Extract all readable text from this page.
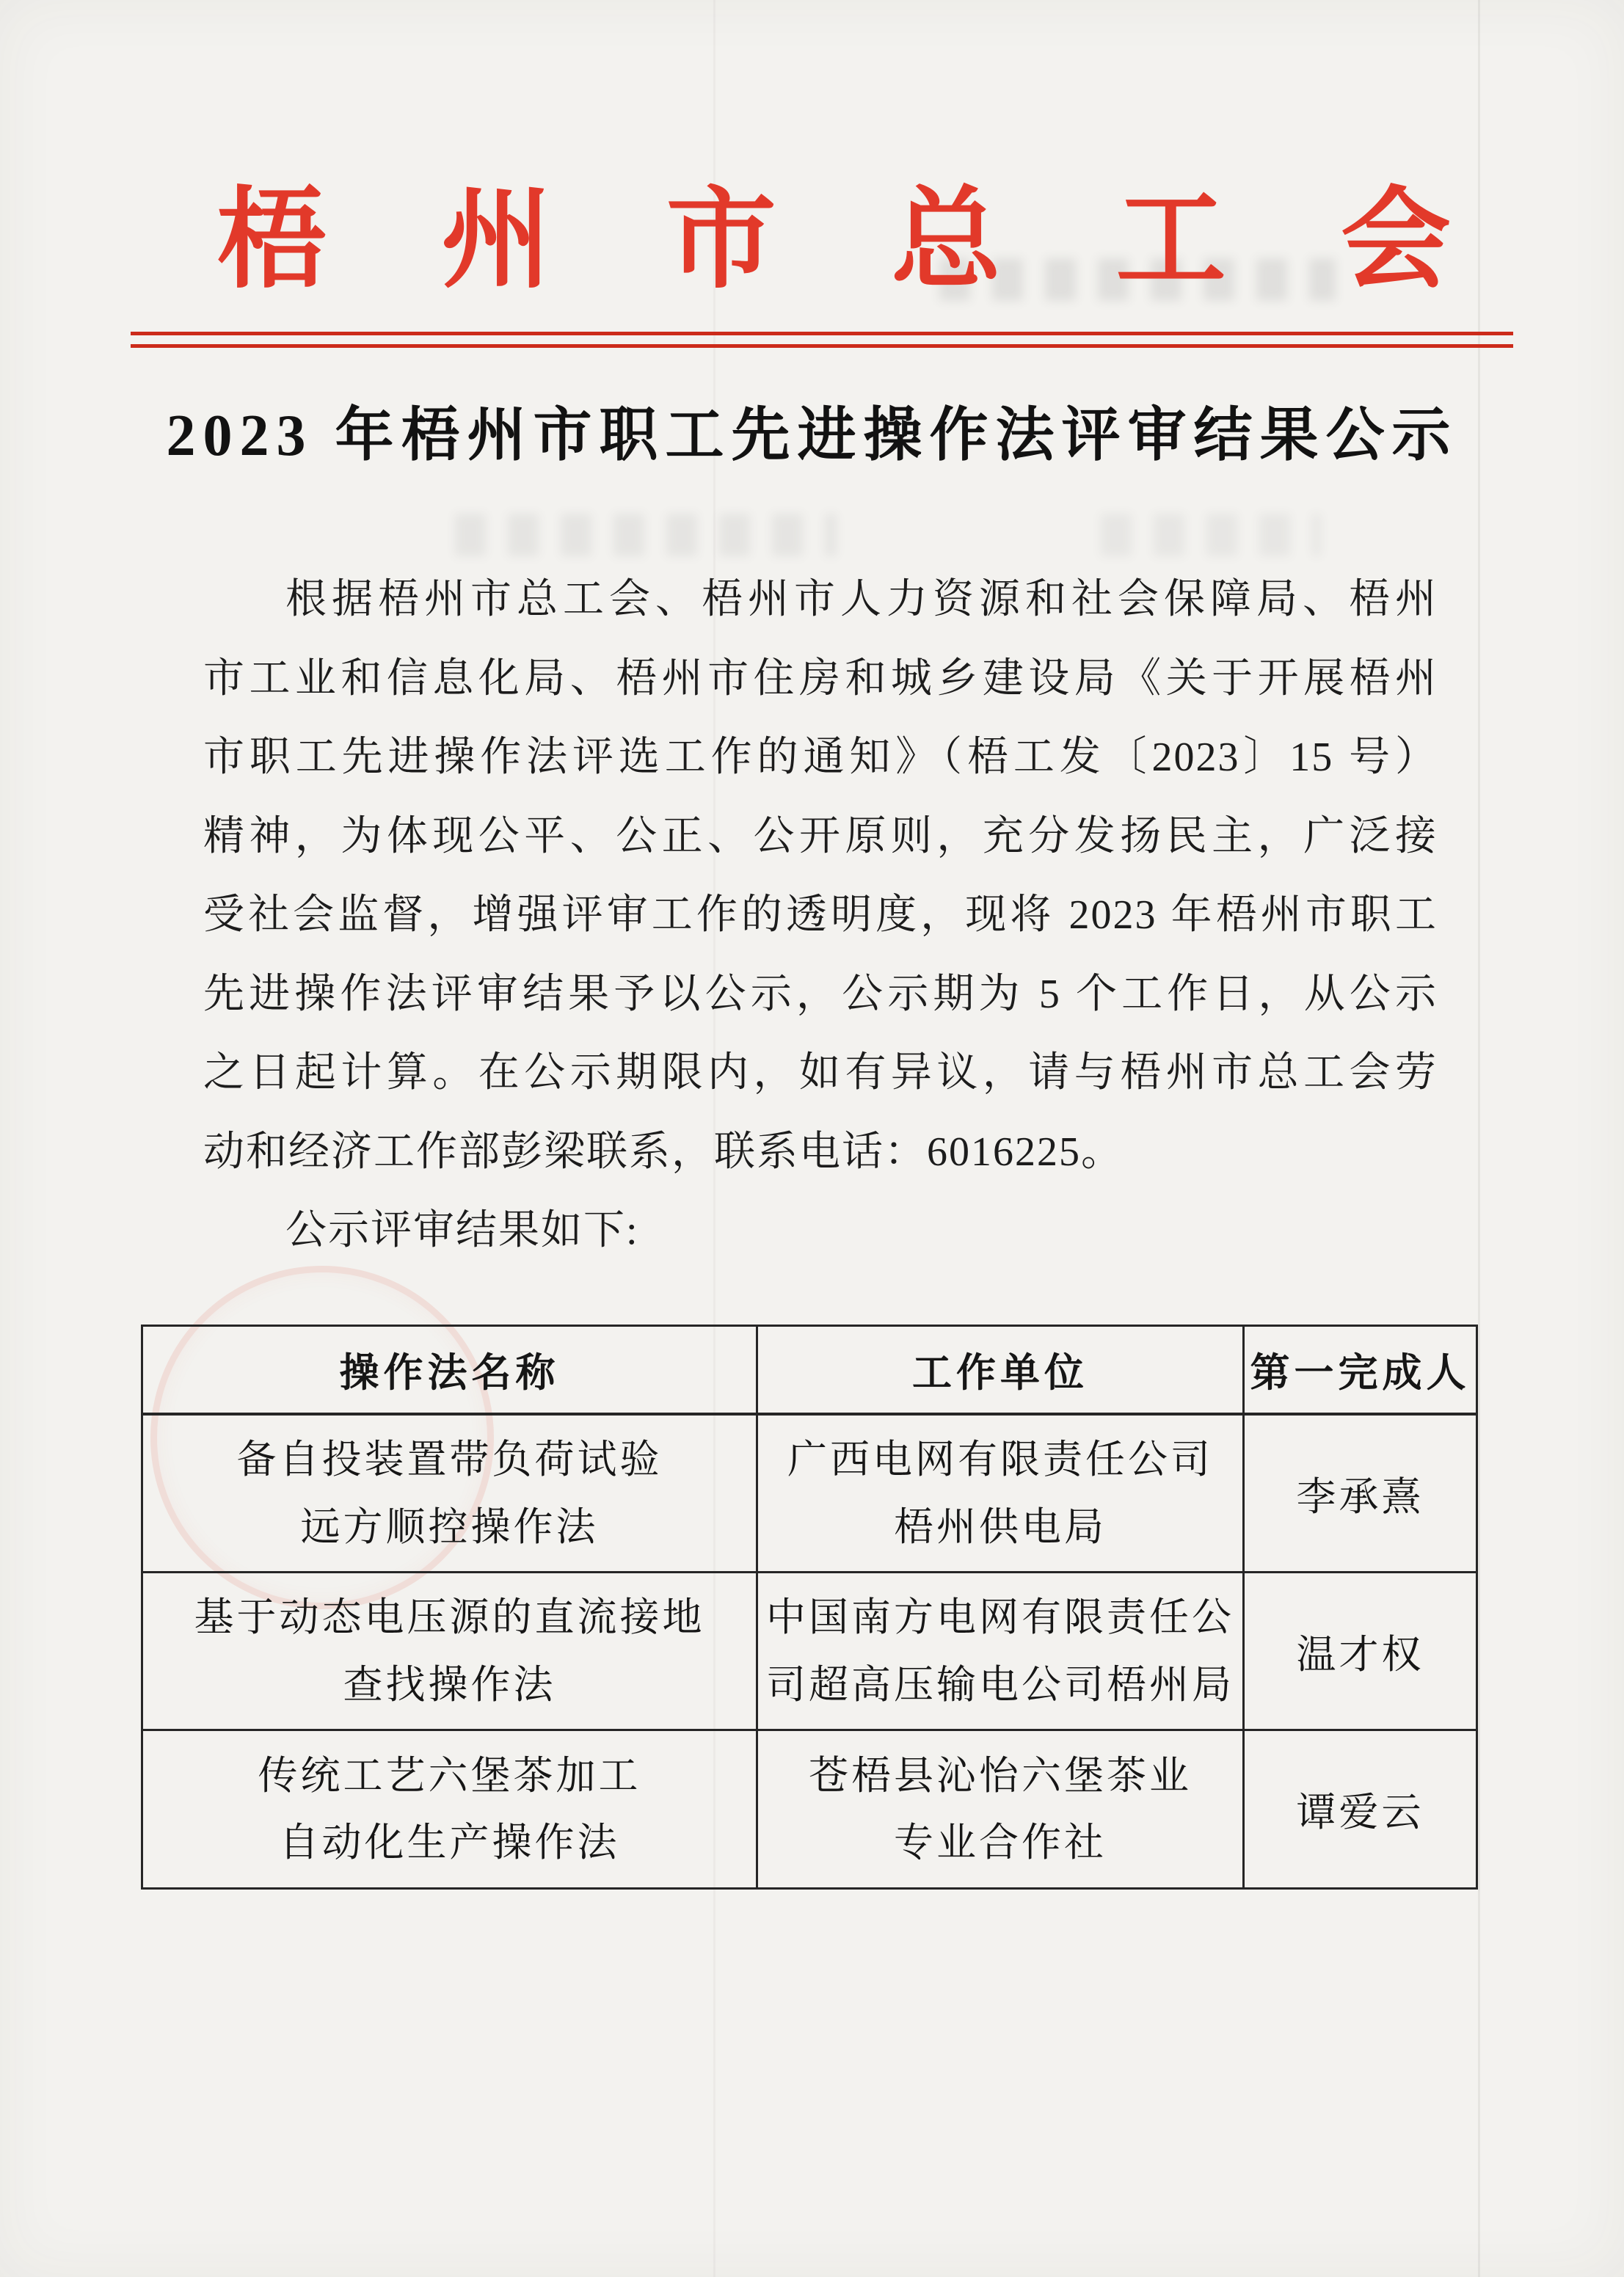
梧 州 市 总 工 会
2023 年梧州市职工先进操作法评审结果公示
根据梧州市总工会、梧州市人力资源和社会保障局、梧州
市工业和信息化局、梧州市住房和城乡建设局《关于开展梧州
市职工先进操作法评选工作的通知》（梧工发〔2023〕15 号）
精神，为体现公平、公正、公开原则，充分发扬民主，广泛接
受社会监督，增强评审工作的透明度，现将 2023 年梧州市职工
先进操作法评审结果予以公示，公示期为 5 个工作日，从公示
之日起计算。在公示期限内，如有异议，请与梧州市总工会劳
动和经济工作部彭梁联系，联系电话：6016225。
公示评审结果如下:
操作法名称	工作单位	第一完成人
备自投装置带负荷试验
远方顺控操作法
广西电网有限责任公司
梧州供电局
李承熹
基于动态电压源的直流接地
查找操作法
中国南方电网有限责任公
司超高压输电公司梧州局
温才权
传统工艺六堡茶加工
自动化生产操作法
苍梧县沁怡六堡茶业
专业合作社
谭爱云
